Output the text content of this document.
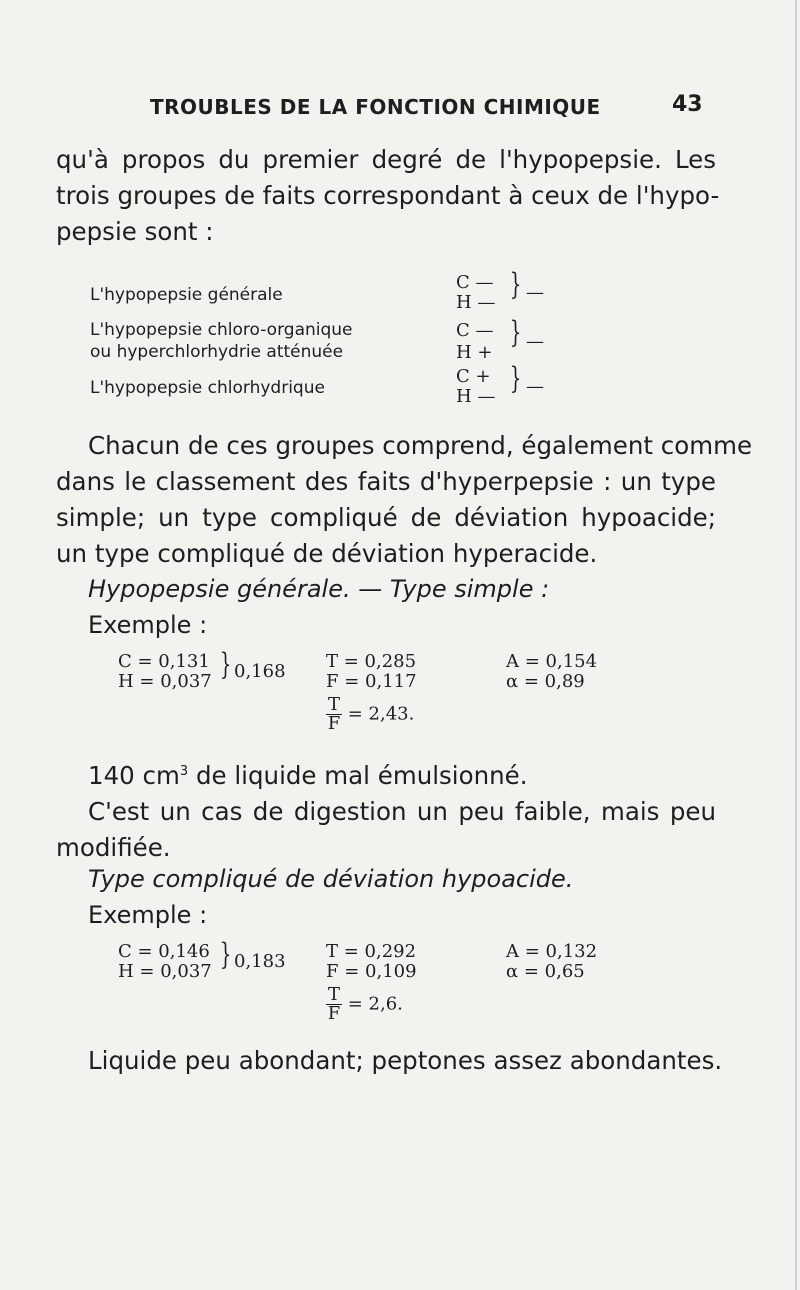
TROUBLES DE LA FONCTION CHIMIQUE	43
qu'à propos du premier degré de l'hypopepsie. Les
trois groupes de faits correspondant à ceux de l'hypo-
pepsie sont :
L'hypopepsie générale
C —
H —
} —
L'hypopepsie chloro-organique
ou hyperchlorhydrie atténuée
C —
H +
} —
L'hypopepsie chlorhydrique
C +
H —
} —
Chacun de ces groupes comprend, également comme
dans le classement des faits d'hyperpepsie : un type
simple; un type compliqué de déviation hypoacide;
un type compliqué de déviation hyperacide.
Hypopepsie générale. — Type simple :
Exemple :
C = 0,131
H = 0,037 } 0,168 T = 0,285
F = 0,117
A = 0,154
α = 0,89
$\frac{T}{F} = 2,43$.
140 $cm^3$ de liquide mal émulsionné.
C'est un cas de digestion un peu faible, mais peu
modifiée.
Type compliqué de déviation hypoacide.
Exemple :
C = 0,146
H = 0,037 } 0,183 T = 0,292
F = 0,109
A = 0,132
α = 0,65
$\frac{T}{F} = 2,6$.
Liquide peu abondant; peptones assez abondantes.
